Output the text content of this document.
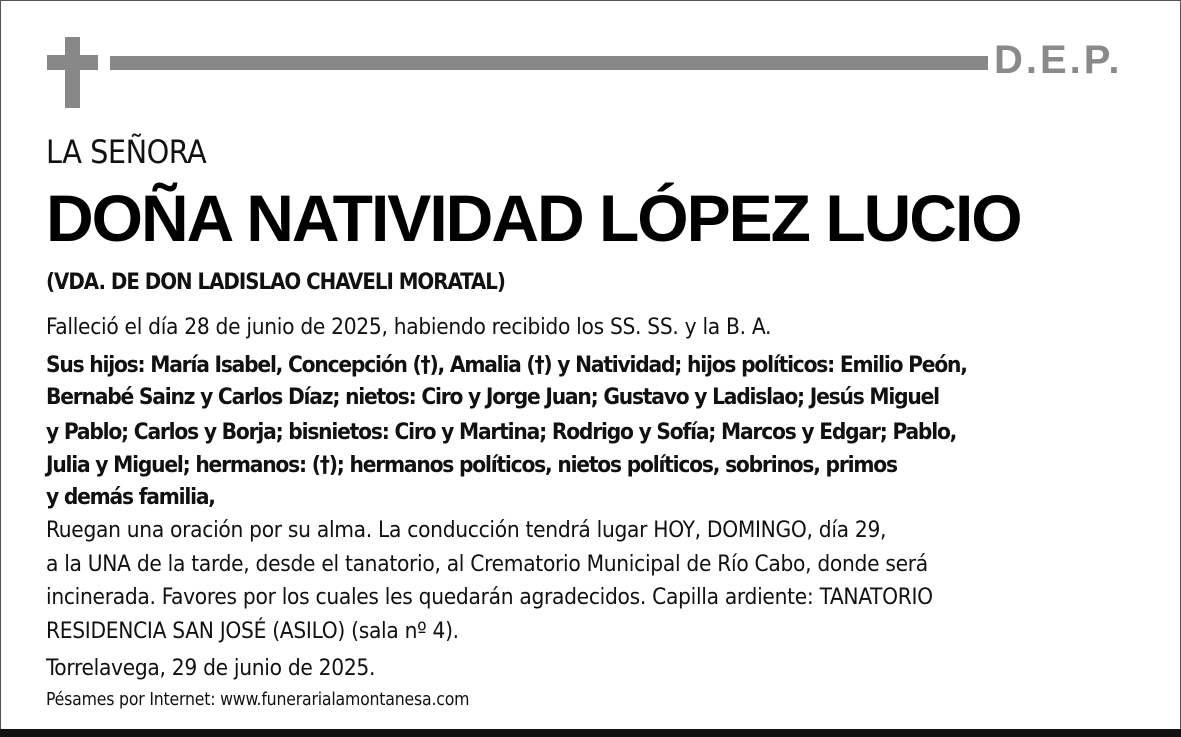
D.E.P.
LA SEÑORA
DOÑA NATIVIDAD LÓPEZ LUCIO
(VDA. DE DON LADISLAO CHAVELI MORATAL)
Falleció el día 28 de junio de 2025, habiendo recibido los SS. SS. y la B. A.
Sus hijos: María Isabel, Concepción (†), Amalia (†) y Natividad; hijos políticos: Emilio Peón,
Bernabé Sainz y Carlos Díaz; nietos: Ciro y Jorge Juan; Gustavo y Ladislao; Jesús Miguel
y Pablo; Carlos y Borja; bisnietos: Ciro y Martina; Rodrigo y Sofía; Marcos y Edgar; Pablo,
Julia y Miguel; hermanos: (†); hermanos políticos, nietos políticos, sobrinos, primos
y demás familia,
Ruegan una oración por su alma. La conducción tendrá lugar HOY, DOMINGO, día 29,
a la UNA de la tarde, desde el tanatorio, al Crematorio Municipal de Río Cabo, donde será
incinerada. Favores por los cuales les quedarán agradecidos. Capilla ardiente: TANATORIO
RESIDENCIA SAN JOSÉ (ASILO) (sala nº 4).
Torrelavega, 29 de junio de 2025.
Pésames por Internet: www.funerarialamontanesa.com
